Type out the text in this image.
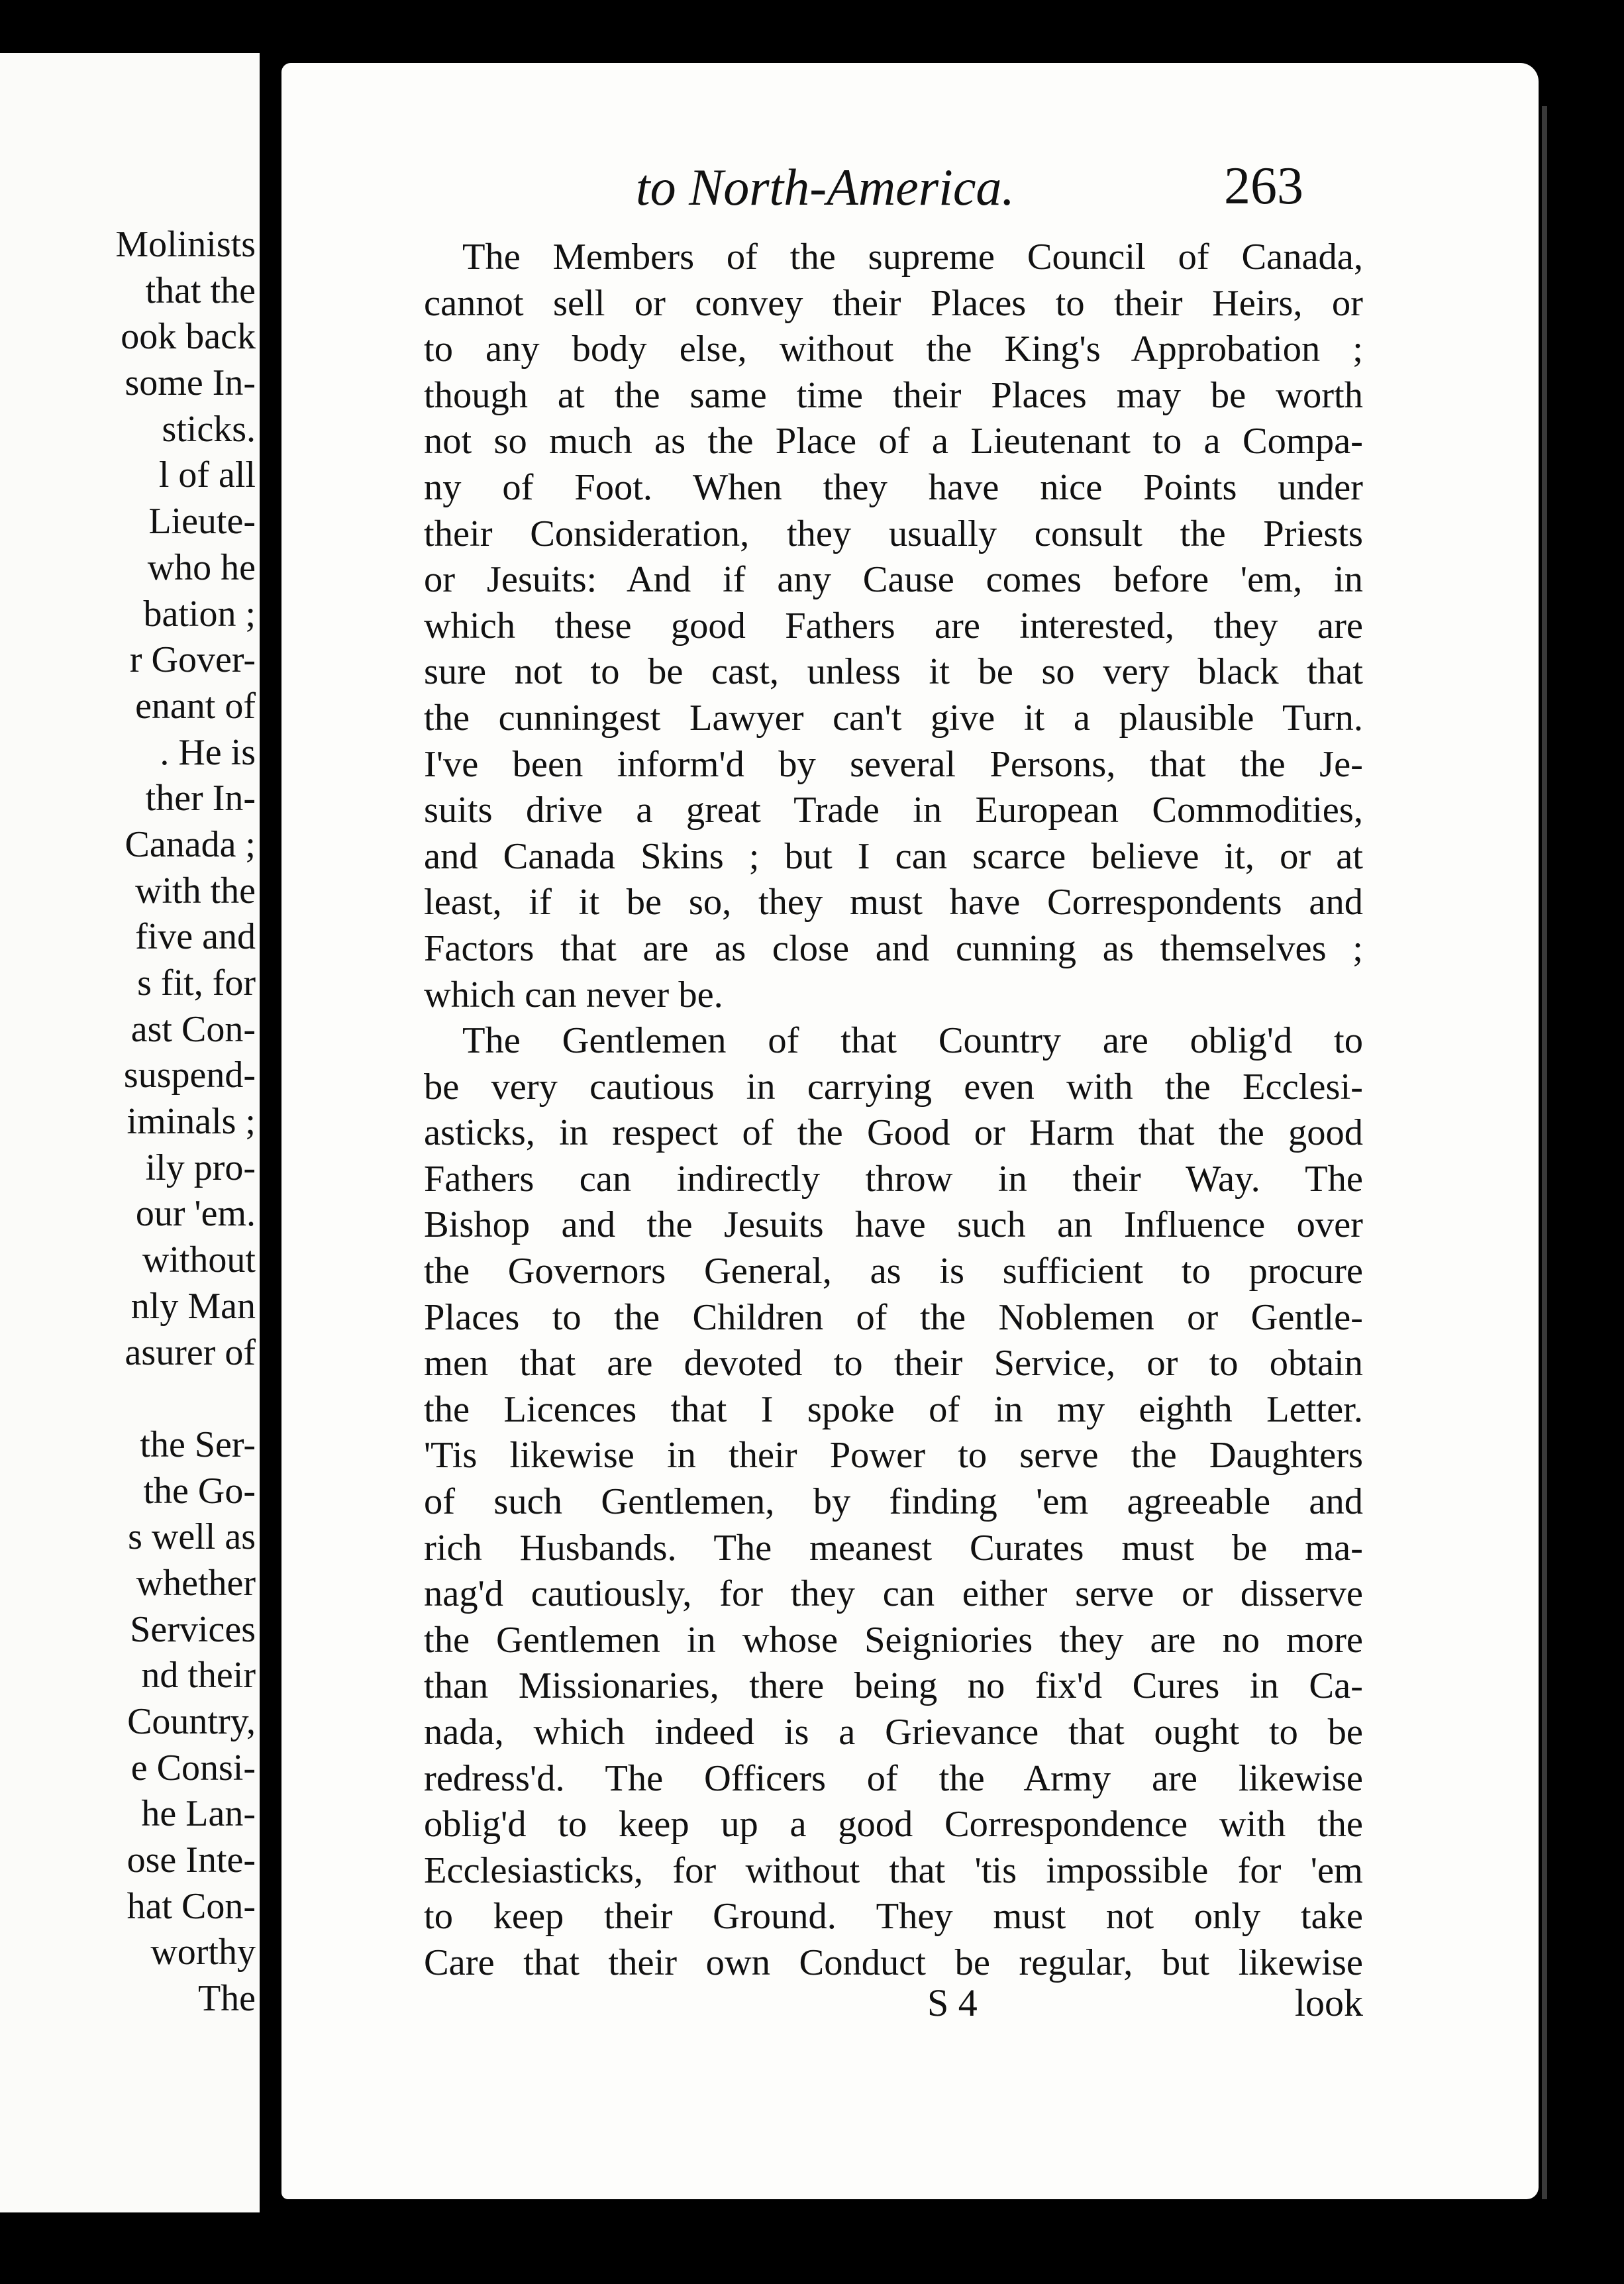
Molinists
that the
ook back
some In-
sticks.
l of all
Lieute-
who he
bation ;
r Gover-
enant of
. He is
ther In-
Canada ;
with the
five and
s fit, for
ast Con-
suspend-
iminals ;
ily pro-
our 'em.
without
nly Man
asurer of
the Ser-
the Go-
s well as
whether
Services
nd their
Country,
e Consi-
he Lan-
ose Inte-
hat Con-
worthy
The
to North-America.	263
The Members of the supreme Council of Canada,
cannot sell or convey their Places to their Heirs, or
to any body else, without the King's Approbation ;
though at the same time their Places may be worth
not so much as the Place of a Lieutenant to a Compa-
ny of Foot. When they have nice Points under
their Consideration, they usually consult the Priests
or Jesuits: And if any Cause comes before 'em, in
which these good Fathers are interested, they are
sure not to be cast, unless it be so very black that
the cunningest Lawyer can't give it a plausible Turn.
I've been inform'd by several Persons, that the Je-
suits drive a great Trade in European Commodities,
and Canada Skins ; but I can scarce believe it, or at
least, if it be so, they must have Correspondents and
Factors that are as close and cunning as themselves ;
which can never be.
The Gentlemen of that Country are oblig'd to
be very cautious in carrying even with the Ecclesi-
asticks, in respect of the Good or Harm that the good
Fathers can indirectly throw in their Way. The
Bishop and the Jesuits have such an Influence over
the Governors General, as is sufficient to procure
Places to the Children of the Noblemen or Gentle-
men that are devoted to their Service, or to obtain
the Licences that I spoke of in my eighth Letter.
'Tis likewise in their Power to serve the Daughters
of such Gentlemen, by finding 'em agreeable and
rich Husbands. The meanest Curates must be ma-
nag'd cautiously, for they can either serve or disserve
the Gentlemen in whose Seigniories they are no more
than Missionaries, there being no fix'd Cures in Ca-
nada, which indeed is a Grievance that ought to be
redress'd. The Officers of the Army are likewise
oblig'd to keep up a good Correspondence with the
Ecclesiasticks, for without that 'tis impossible for 'em
to keep their Ground. They must not only take
Care that their own Conduct be regular, but likewise
S 4	look
